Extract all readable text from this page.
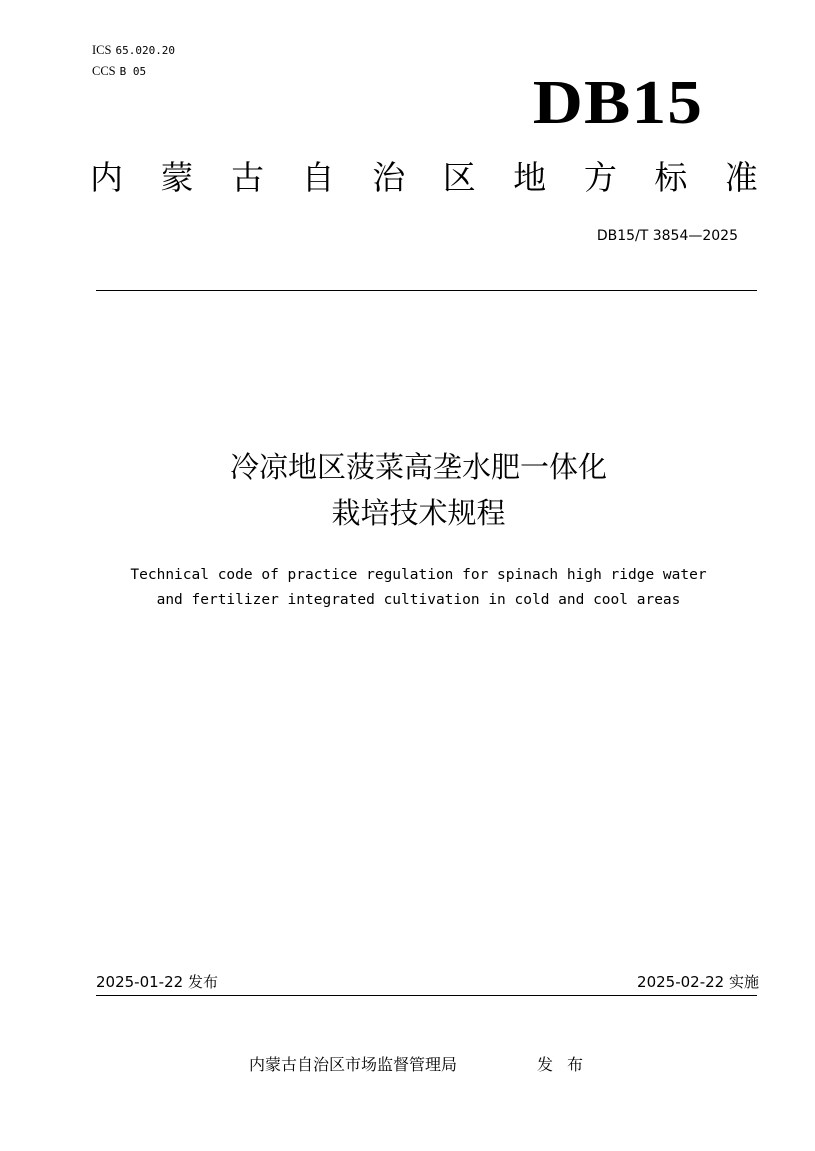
ICS 65.020.20
CCS B 05	DB15
内 蒙 古 自 治 区 地 方 标 准
DB15/T 3854—2025
冷凉地区菠菜高垄水肥一体化
栽培技术规程
Technical code of practice regulation for spinach high ridge water
and fertilizer integrated cultivation in cold and cool areas
2025-01-22 发布	2025-02-22 实施
内蒙古自治区市场监督管理局	发布
